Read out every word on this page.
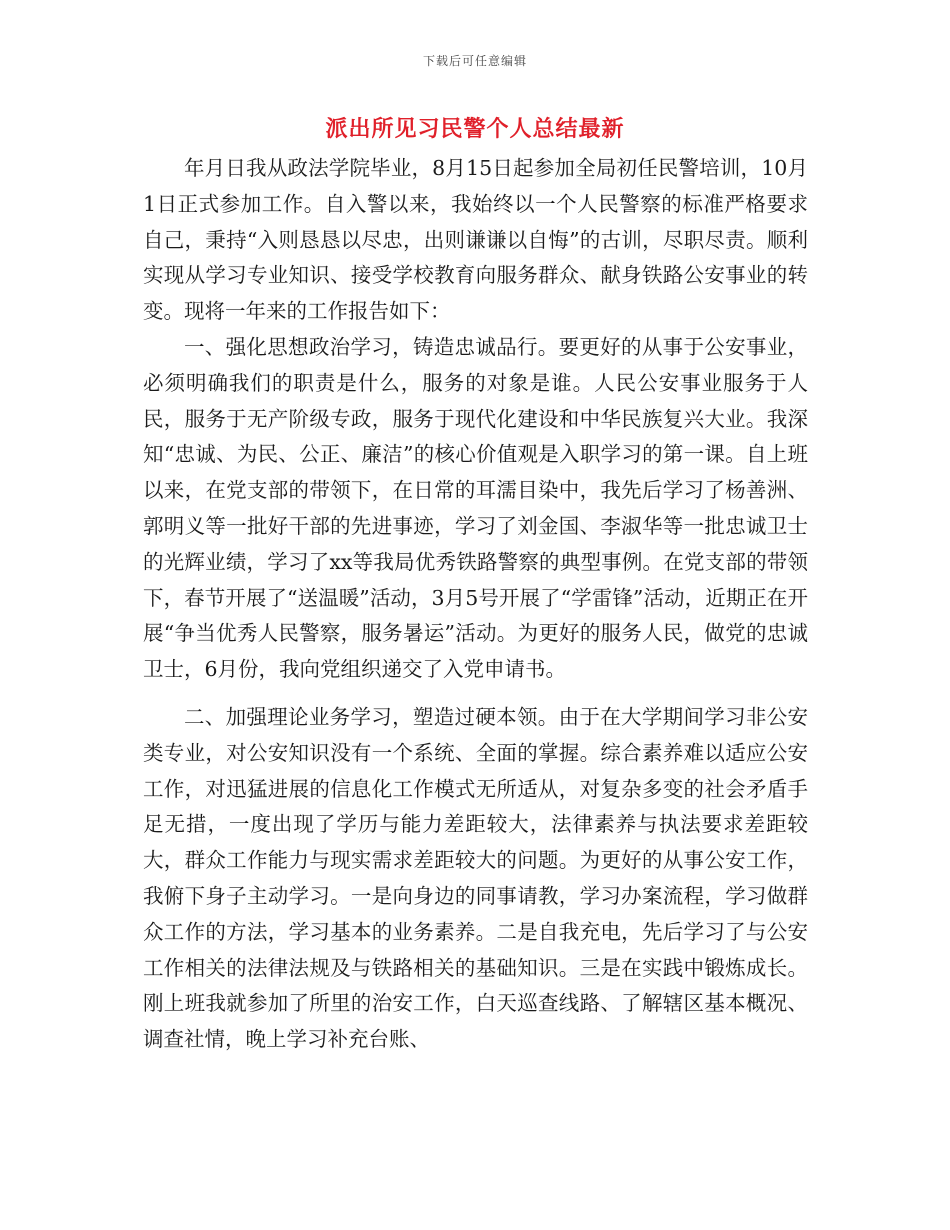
下载后可任意编辑
派出所见习民警个人总结最新

年月日我从政法学院毕业，8月15日起参加全局初任民警培训，10月1日正式参加工作。自入警以来，我始终以一个人民警察的标准严格要求自己，秉持“入则恳恳以尽忠，出则谦谦以自悔”的古训，尽职尽责。顺利实现从学习专业知识、接受学校教育向服务群众、献身铁路公安事业的转变。现将一年来的工作报告如下：

一、强化思想政治学习，铸造忠诚品行。要更好的从事于公安事业，必须明确我们的职责是什么，服务的对象是谁。人民公安事业服务于人民，服务于无产阶级专政，服务于现代化建设和中华民族复兴大业。我深知“忠诚、为民、公正、廉洁”的核心价值观是入职学习的第一课。自上班以来，在党支部的带领下，在日常的耳濡目染中，我先后学习了杨善洲、郭明义等一批好干部的先进事迹，学习了刘金国、李淑华等一批忠诚卫士的光辉业绩，学习了xx等我局优秀铁路警察的典型事例。在党支部的带领下，春节开展了“送温暖”活动，3月5号开展了“学雷锋”活动，近期正在开展“争当优秀人民警察，服务暑运”活动。为更好的服务人民，做党的忠诚卫士，6月份，我向党组织递交了入党申请书。

二、加强理论业务学习，塑造过硬本领。由于在大学期间学习非公安类专业，对公安知识没有一个系统、全面的掌握。综合素养难以适应公安工作，对迅猛进展的信息化工作模式无所适从，对复杂多变的社会矛盾手足无措，一度出现了学历与能力差距较大，法律素养与执法要求差距较大，群众工作能力与现实需求差距较大的问题。为更好的从事公安工作，我俯下身子主动学习。一是向身边的同事请教，学习办案流程，学习做群众工作的方法，学习基本的业务素养。二是自我充电，先后学习了与公安工作相关的法律法规及与铁路相关的基础知识。三是在实践中锻炼成长。刚上班我就参加了所里的治安工作，白天巡查线路、了解辖区基本概况、调查社情，晚上学习补充台账、
